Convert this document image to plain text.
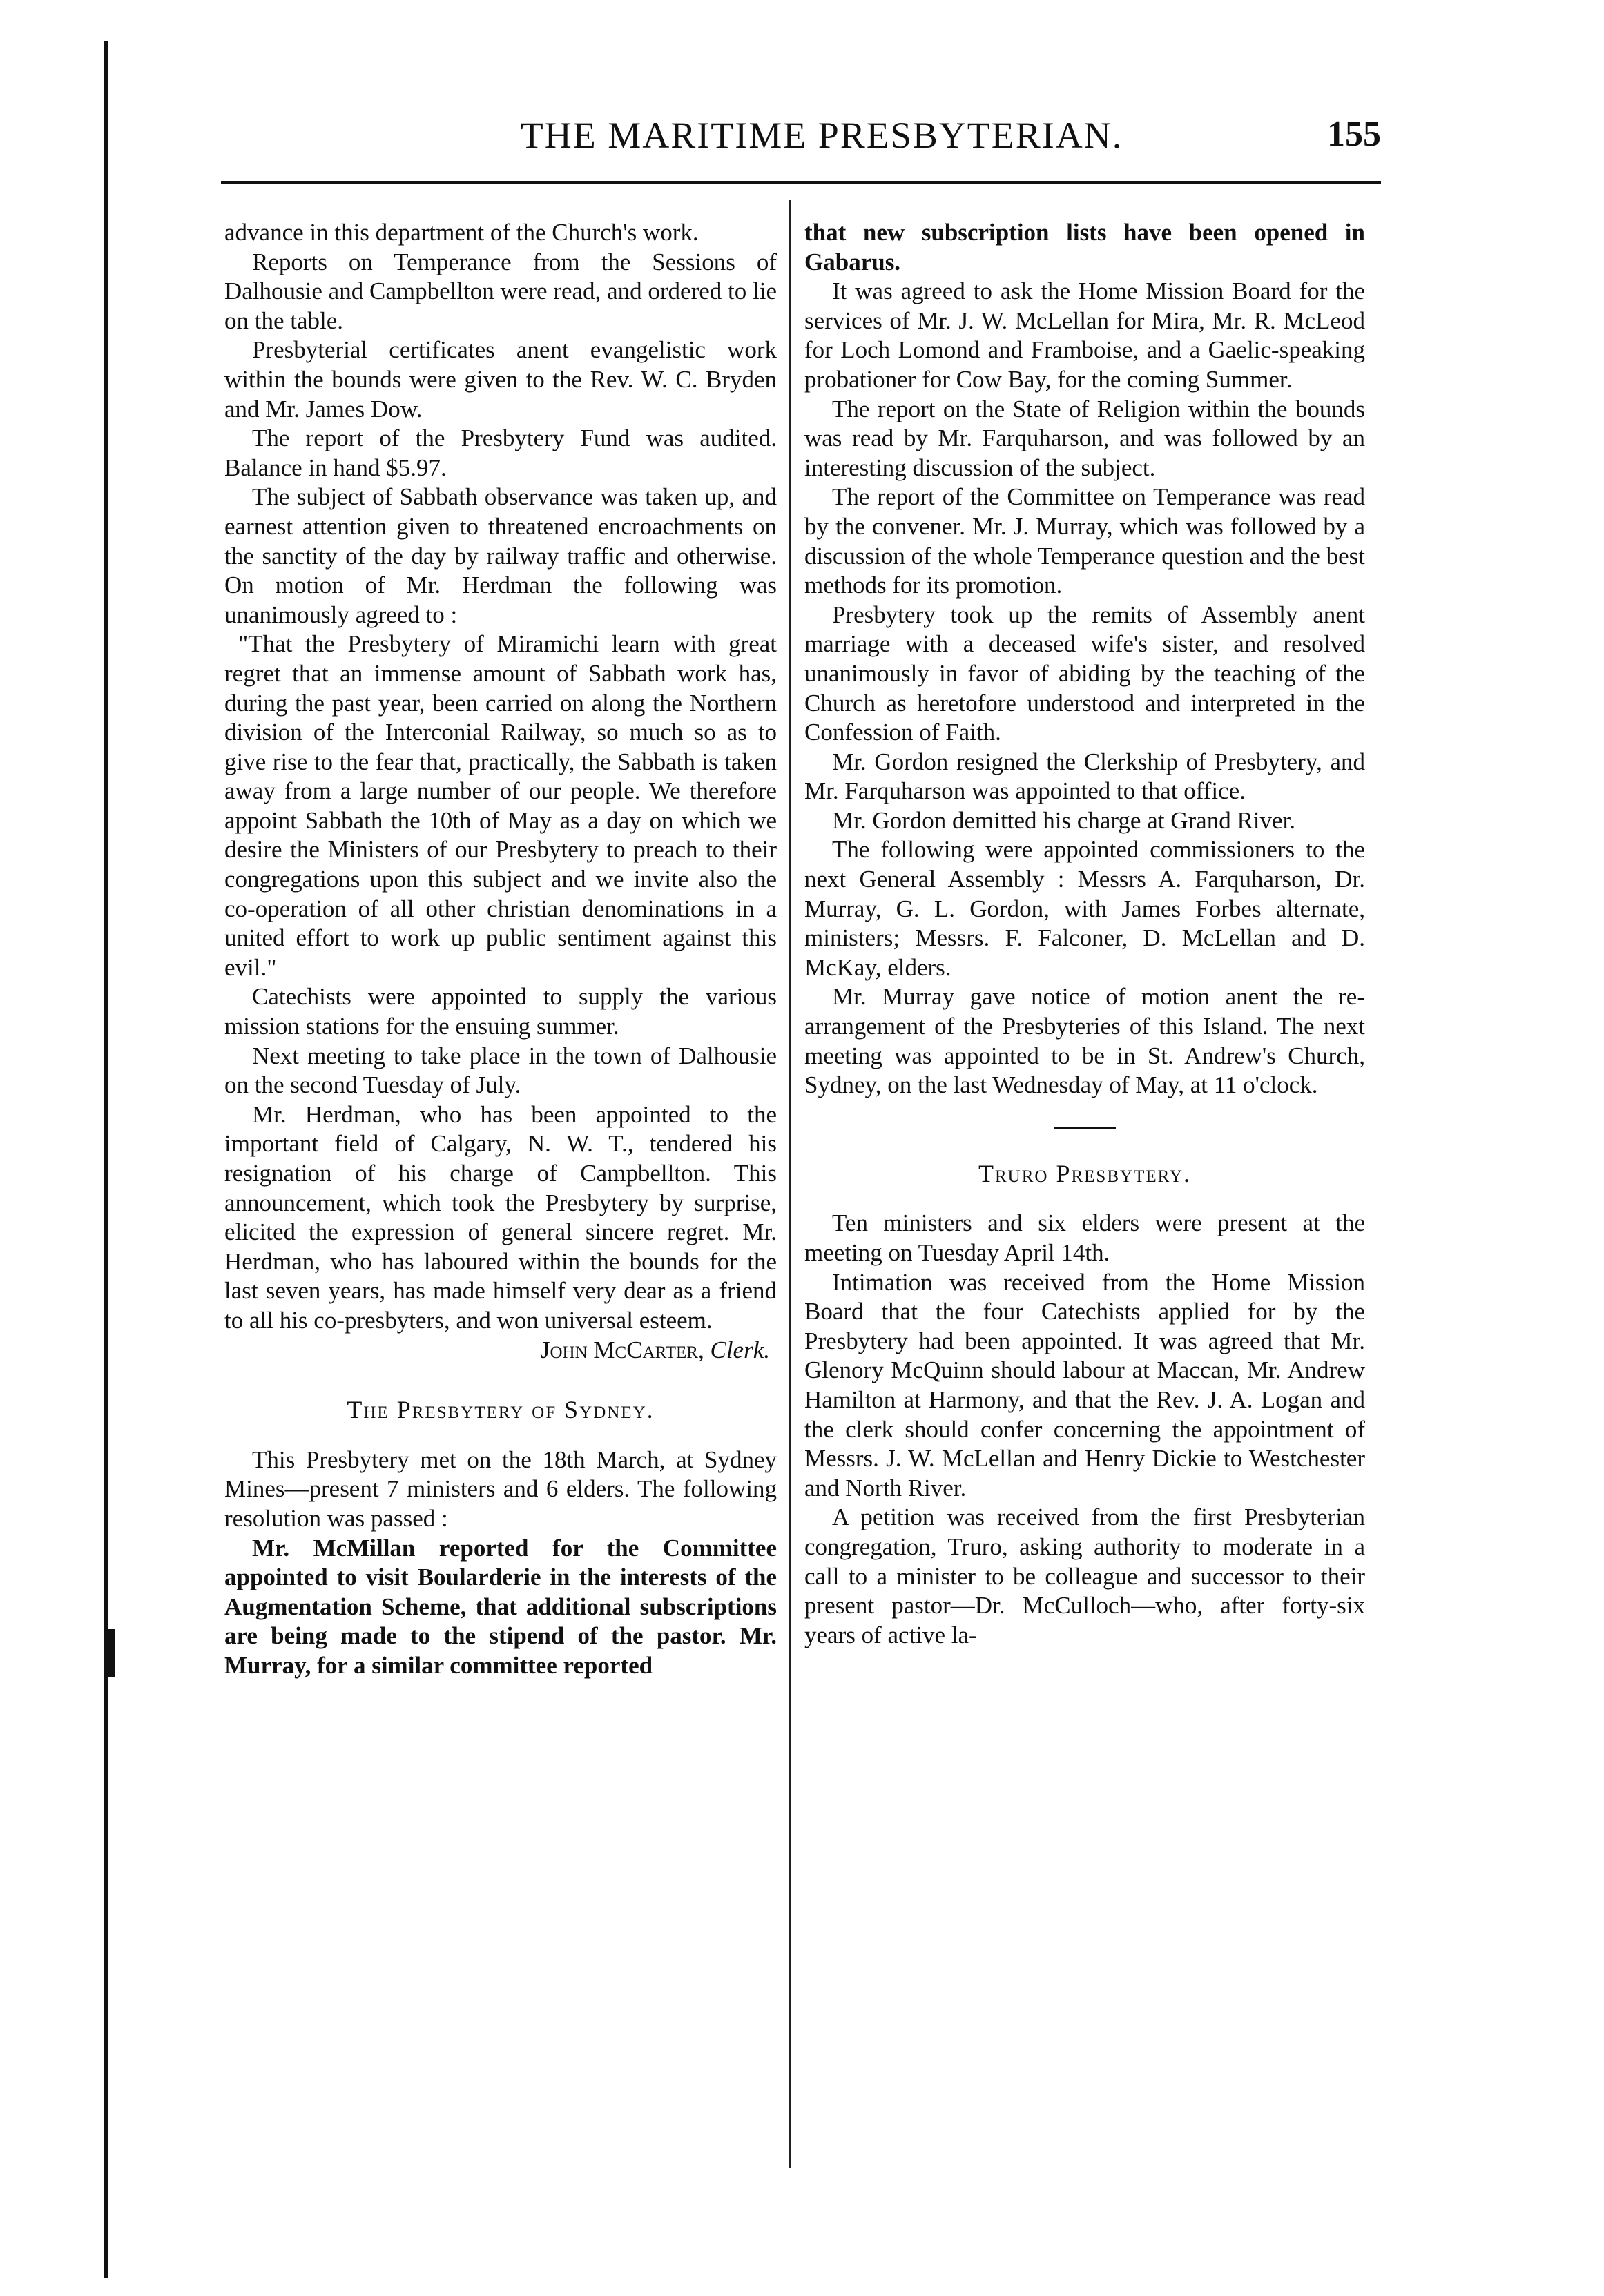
THE MARITIME PRESBYTERIAN.	155

advance in this department of the Church's work.

Reports on Temperance from the Sessions of Dalhousie and Campbellton were read, and ordered to lie on the table.

Presbyterial certificates anent evangelistic work within the bounds were given to the Rev. W. C. Bryden and Mr. James Dow.

The report of the Presbytery Fund was audited. Balance in hand $5.97.

The subject of Sabbath observance was taken up, and earnest attention given to threatened encroachments on the sanctity of the day by railway traffic and otherwise. On motion of Mr. Herdman the following was unanimously agreed to :

"That the Presbytery of Miramichi learn with great regret that an immense amount of Sabbath work has, during the past year, been carried on along the Northern division of the Interconial Railway, so much so as to give rise to the fear that, practically, the Sabbath is taken away from a large number of our people. We therefore appoint Sabbath the 10th of May as a day on which we desire the Ministers of our Presbytery to preach to their congregations upon this subject and we invite also the co-operation of all other christian denominations in a united effort to work up public sentiment against this evil."

Catechists were appointed to supply the various mission stations for the ensuing summer.

Next meeting to take place in the town of Dalhousie on the second Tuesday of July.

Mr. Herdman, who has been appointed to the important field of Calgary, N. W. T., tendered his resignation of his charge of Campbellton. This announcement, which took the Presbytery by surprise, elicited the expression of general sincere regret. Mr. Herdman, who has laboured within the bounds for the last seven years, has made himself very dear as a friend to all his co-presbyters, and won universal esteem.

John McCarter, Clerk.

The Presbytery of Sydney.

This Presbytery met on the 18th March, at Sydney Mines—present 7 ministers and 6 elders. The following resolution was passed :

Mr. McMillan reported for the Committee appointed to visit Boularderie in the interests of the Augmentation Scheme, that additional subscriptions are being made to the stipend of the pastor. Mr. Murray, for a similar committee reported

that new subscription lists have been opened in Gabarus.

It was agreed to ask the Home Mission Board for the services of Mr. J. W. McLellan for Mira, Mr. R. McLeod for Loch Lomond and Framboise, and a Gaelic-speaking probationer for Cow Bay, for the coming Summer.

The report on the State of Religion within the bounds was read by Mr. Farquharson, and was followed by an interesting discussion of the subject.

The report of the Committee on Temperance was read by the convener. Mr. J. Murray, which was followed by a discussion of the whole Temperance question and the best methods for its promotion.

Presbytery took up the remits of Assembly anent marriage with a deceased wife's sister, and resolved unanimously in favor of abiding by the teaching of the Church as heretofore understood and interpreted in the Confession of Faith.

Mr. Gordon resigned the Clerkship of Presbytery, and Mr. Farquharson was appointed to that office.

Mr. Gordon demitted his charge at Grand River.

The following were appointed commissioners to the next General Assembly : Messrs A. Farquharson, Dr. Murray, G. L. Gordon, with James Forbes alternate, ministers; Messrs. F. Falconer, D. McLellan and D. McKay, elders.

Mr. Murray gave notice of motion anent the re-arrangement of the Presbyteries of this Island. The next meeting was appointed to be in St. Andrew's Church, Sydney, on the last Wednesday of May, at 11 o'clock.

Truro Presbytery.

Ten ministers and six elders were present at the meeting on Tuesday April 14th.

Intimation was received from the Home Mission Board that the four Catechists applied for by the Presbytery had been appointed. It was agreed that Mr. Glenory McQuinn should labour at Maccan, Mr. Andrew Hamilton at Harmony, and that the Rev. J. A. Logan and the clerk should confer concerning the appointment of Messrs. J. W. McLellan and Henry Dickie to Westchester and North River.

A petition was received from the first Presbyterian congregation, Truro, asking authority to moderate in a call to a minister to be colleague and successor to their present pastor—Dr. McCulloch—who, after forty-six years of active la-
